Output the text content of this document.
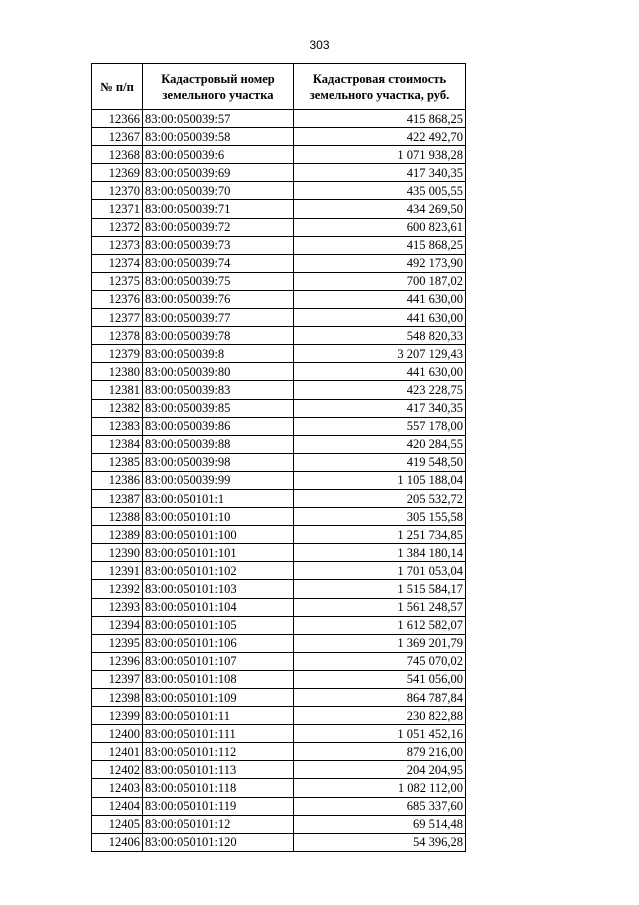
303
№ п/п	Кадастровый номер земельного участка	Кадастровая стоимость земельного участка, руб.
12366	83:00:050039:57	415 868,25
12367	83:00:050039:58	422 492,70
12368	83:00:050039:6	1 071 938,28
12369	83:00:050039:69	417 340,35
12370	83:00:050039:70	435 005,55
12371	83:00:050039:71	434 269,50
12372	83:00:050039:72	600 823,61
12373	83:00:050039:73	415 868,25
12374	83:00:050039:74	492 173,90
12375	83:00:050039:75	700 187,02
12376	83:00:050039:76	441 630,00
12377	83:00:050039:77	441 630,00
12378	83:00:050039:78	548 820,33
12379	83:00:050039:8	3 207 129,43
12380	83:00:050039:80	441 630,00
12381	83:00:050039:83	423 228,75
12382	83:00:050039:85	417 340,35
12383	83:00:050039:86	557 178,00
12384	83:00:050039:88	420 284,55
12385	83:00:050039:98	419 548,50
12386	83:00:050039:99	1 105 188,04
12387	83:00:050101:1	205 532,72
12388	83:00:050101:10	305 155,58
12389	83:00:050101:100	1 251 734,85
12390	83:00:050101:101	1 384 180,14
12391	83:00:050101:102	1 701 053,04
12392	83:00:050101:103	1 515 584,17
12393	83:00:050101:104	1 561 248,57
12394	83:00:050101:105	1 612 582,07
12395	83:00:050101:106	1 369 201,79
12396	83:00:050101:107	745 070,02
12397	83:00:050101:108	541 056,00
12398	83:00:050101:109	864 787,84
12399	83:00:050101:11	230 822,88
12400	83:00:050101:111	1 051 452,16
12401	83:00:050101:112	879 216,00
12402	83:00:050101:113	204 204,95
12403	83:00:050101:118	1 082 112,00
12404	83:00:050101:119	685 337,60
12405	83:00:050101:12	69 514,48
12406	83:00:050101:120	54 396,28
